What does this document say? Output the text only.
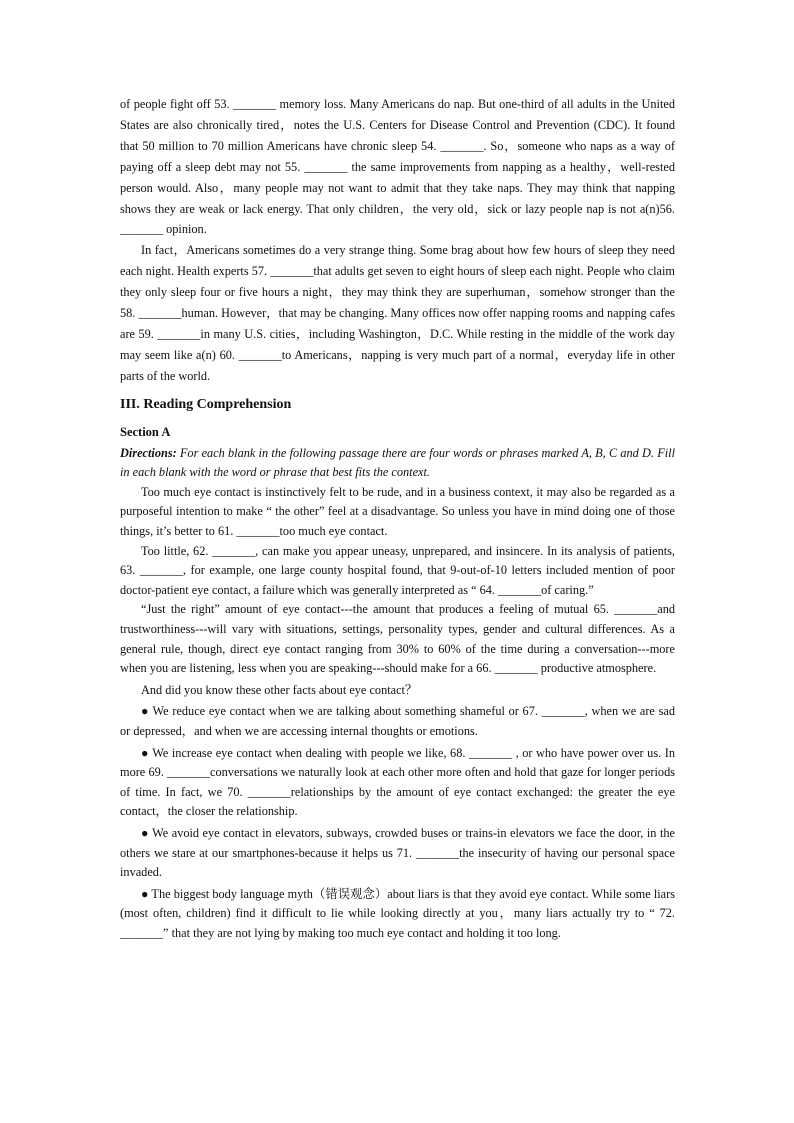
of people fight off 53. _______ memory loss. Many Americans do nap. But one-third of all adults in the United States are also chronically tired，notes the U.S. Centers for Disease Control and Prevention (CDC). It found that 50 million to 70 million Americans have chronic sleep 54. _______. So，someone who naps as a way of paying off a sleep debt may not 55. _______ the same improvements from napping as a healthy，well-rested person would. Also，many people may not want to admit that they take naps. They may think that napping shows they are weak or lack energy. That only children，the very old，sick or lazy people nap is not a(n)56. _______ opinion.

In fact，Americans sometimes do a very strange thing. Some brag about how few hours of sleep they need each night. Health experts 57. _______that adults get seven to eight hours of sleep each night. People who claim they only sleep four or five hours a night，they may think they are superhuman，somehow stronger than the 58. _______human. However，that may be changing. Many offices now offer napping rooms and napping cafes are 59. _______in many U.S. cities，including Washington，D.C. While resting in the middle of the work day may seem like a(n) 60. _______to Americans，napping is very much part of a normal，everyday life in other parts of the world.

III. Reading Comprehension
Section A

Directions: For each blank in the following passage there are four words or phrases marked A, B, C and D. Fill in each blank with the word or phrase that best fits the context.

Too much eye contact is instinctively felt to be rude, and in a business context, it may also be regarded as a purposeful intention to make “ the other” feel at a disadvantage. So unless you have in mind doing one of those things, it’s better to 61. _______too much eye contact.

Too little, 62. _______, can make you appear uneasy, unprepared, and insincere. In its analysis of patients, 63. _______, for example, one large county hospital found, that 9-out-of-10 letters included mention of poor doctor-patient eye contact, a failure which was generally interpreted as “ 64. _______of caring.”

“Just the right” amount of eye contact---the amount that produces a feeling of mutual 65. _______and trustworthiness---will vary with situations, settings, personality types, gender and cultural differences. As a general rule, though, direct eye contact ranging from 30% to 60% of the time during a conversation---more when you are listening, less when you are speaking---should make for a 66. _______ productive atmosphere.

And did you know these other facts about eye contact？

● We reduce eye contact when we are talking about something shameful or 67. _______, when we are sad or depressed，and when we are accessing internal thoughts or emotions.

● We increase eye contact when dealing with people we like, 68. _______ , or who have power over us. In more 69. _______conversations we naturally look at each other more often and hold that gaze for longer periods of time. In fact, we 70. _______relationships by the amount of eye contact exchanged: the greater the eye contact，the closer the relationship.

● We avoid eye contact in elevators, subways, crowded buses or trains-in elevators we face the door, in the others we stare at our smartphones-because it helps us 71. _______the insecurity of having our personal space invaded.

● The biggest body language myth（错误观念）about liars is that they avoid eye contact. While some liars (most often, children) find it difficult to lie while looking directly at you，many liars actually try to “ 72. _______” that they are not lying by making too much eye contact and holding it too long.
